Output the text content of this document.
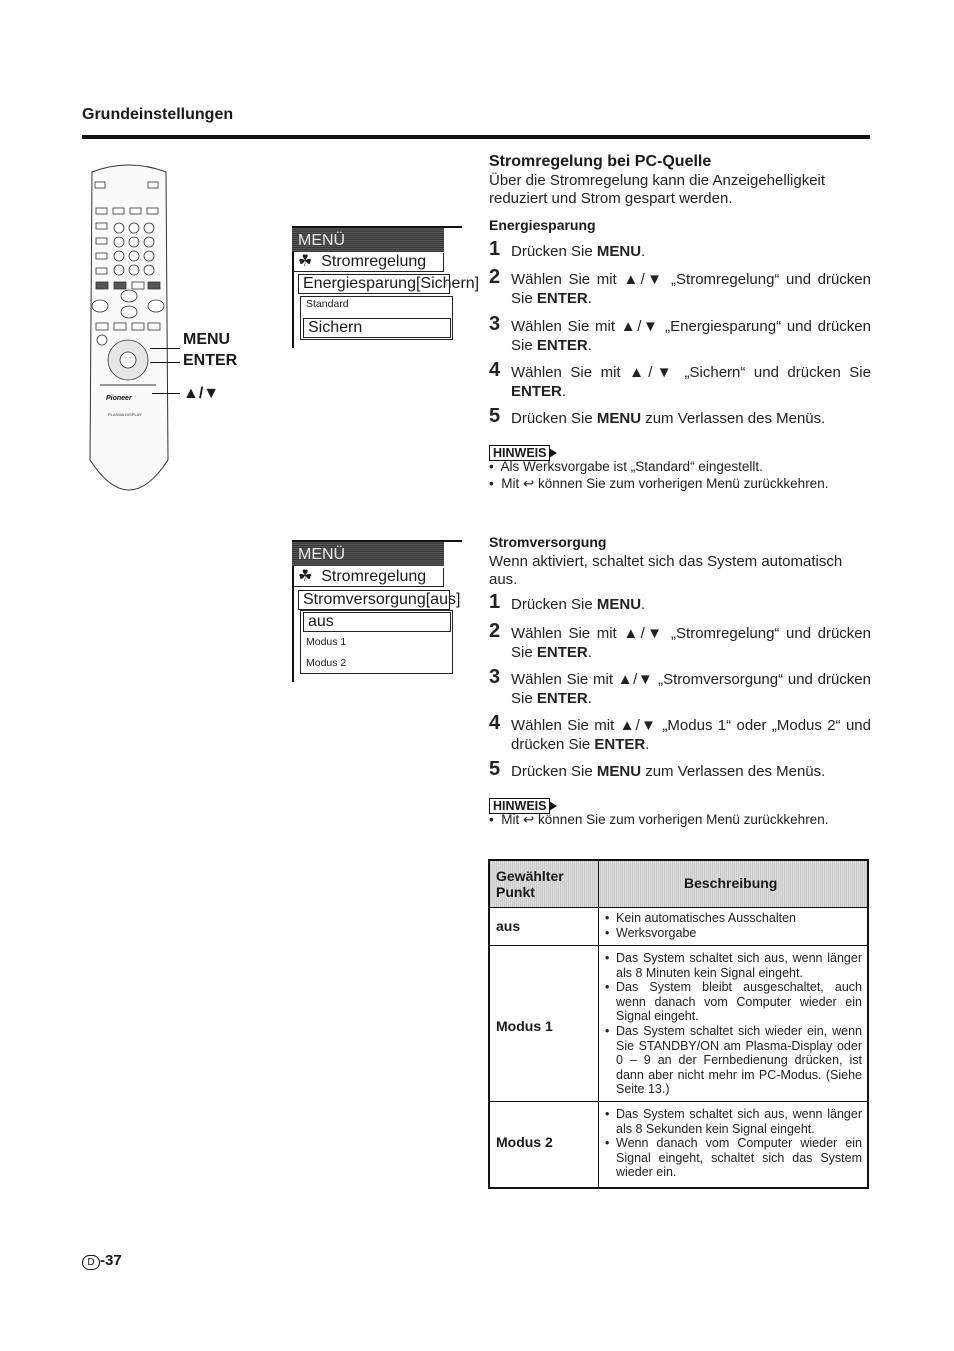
Grundeinstellungen
Pioneer
PLASMA DISPLAY
MENU
ENTER
▲/▼
MENÜ
☘ Stromregelung
Energiesparung [Sichern]
Standard
Sichern
MENÜ
☘ Stromregelung
Stromversorgung [aus]
aus
Modus 1
Modus 2
Stromregelung bei PC-Quelle
Über die Stromregelung kann die Anzeigehelligkeit reduziert und Strom gespart werden.
Energiesparung
1 Drücken Sie MENU.
2 Wählen Sie mit ▲/▼ „Stromregelung“ und drücken Sie ENTER.
3 Wählen Sie mit ▲/▼ „Energiesparung“ und drücken Sie ENTER.
4 Wählen Sie mit ▲/▼ „Sichern“ und drücken Sie ENTER.
5 Drücken Sie MENU zum Verlassen des Menüs.
HINWEIS
•  Als Werksvorgabe ist „Standard“ eingestellt.
•  Mit ↩ können Sie zum vorherigen Menü zurückkehren.
Stromversorgung
Wenn aktiviert, schaltet sich das System automatisch aus.
1 Drücken Sie MENU.
2 Wählen Sie mit ▲/▼ „Stromregelung“ und drücken Sie ENTER.
3 Wählen Sie mit ▲/▼ „Stromversorgung“ und drücken Sie ENTER.
4 Wählen Sie mit ▲/▼ „Modus 1“ oder „Modus 2“ und drücken Sie ENTER.
5 Drücken Sie MENU zum Verlassen des Menüs.
HINWEIS
•  Mit ↩ können Sie zum vorherigen Menü zurückkehren.
Gewählter Punkt
Beschreibung
aus
•	Kein automatisches Ausschalten
• Werksvorgabe
Modus 1
• Das System schaltet sich aus, wenn länger als 8 Minuten kein Signal eingeht.
• Das System bleibt ausgeschaltet, auch wenn danach vom Computer wieder ein Signal eingeht.
• Das System schaltet sich wieder ein, wenn Sie STANDBY/ON am Plasma-Display oder 0 – 9 an der Fernbedienung drücken, ist dann aber nicht mehr im PC-Modus. (Siehe Seite 13.)
Modus 2
• Das System schaltet sich aus, wenn länger als 8 Sekunden kein Signal eingeht.
• Wenn danach vom Computer wieder ein Signal eingeht, schaltet sich das System wieder ein.
D -37
